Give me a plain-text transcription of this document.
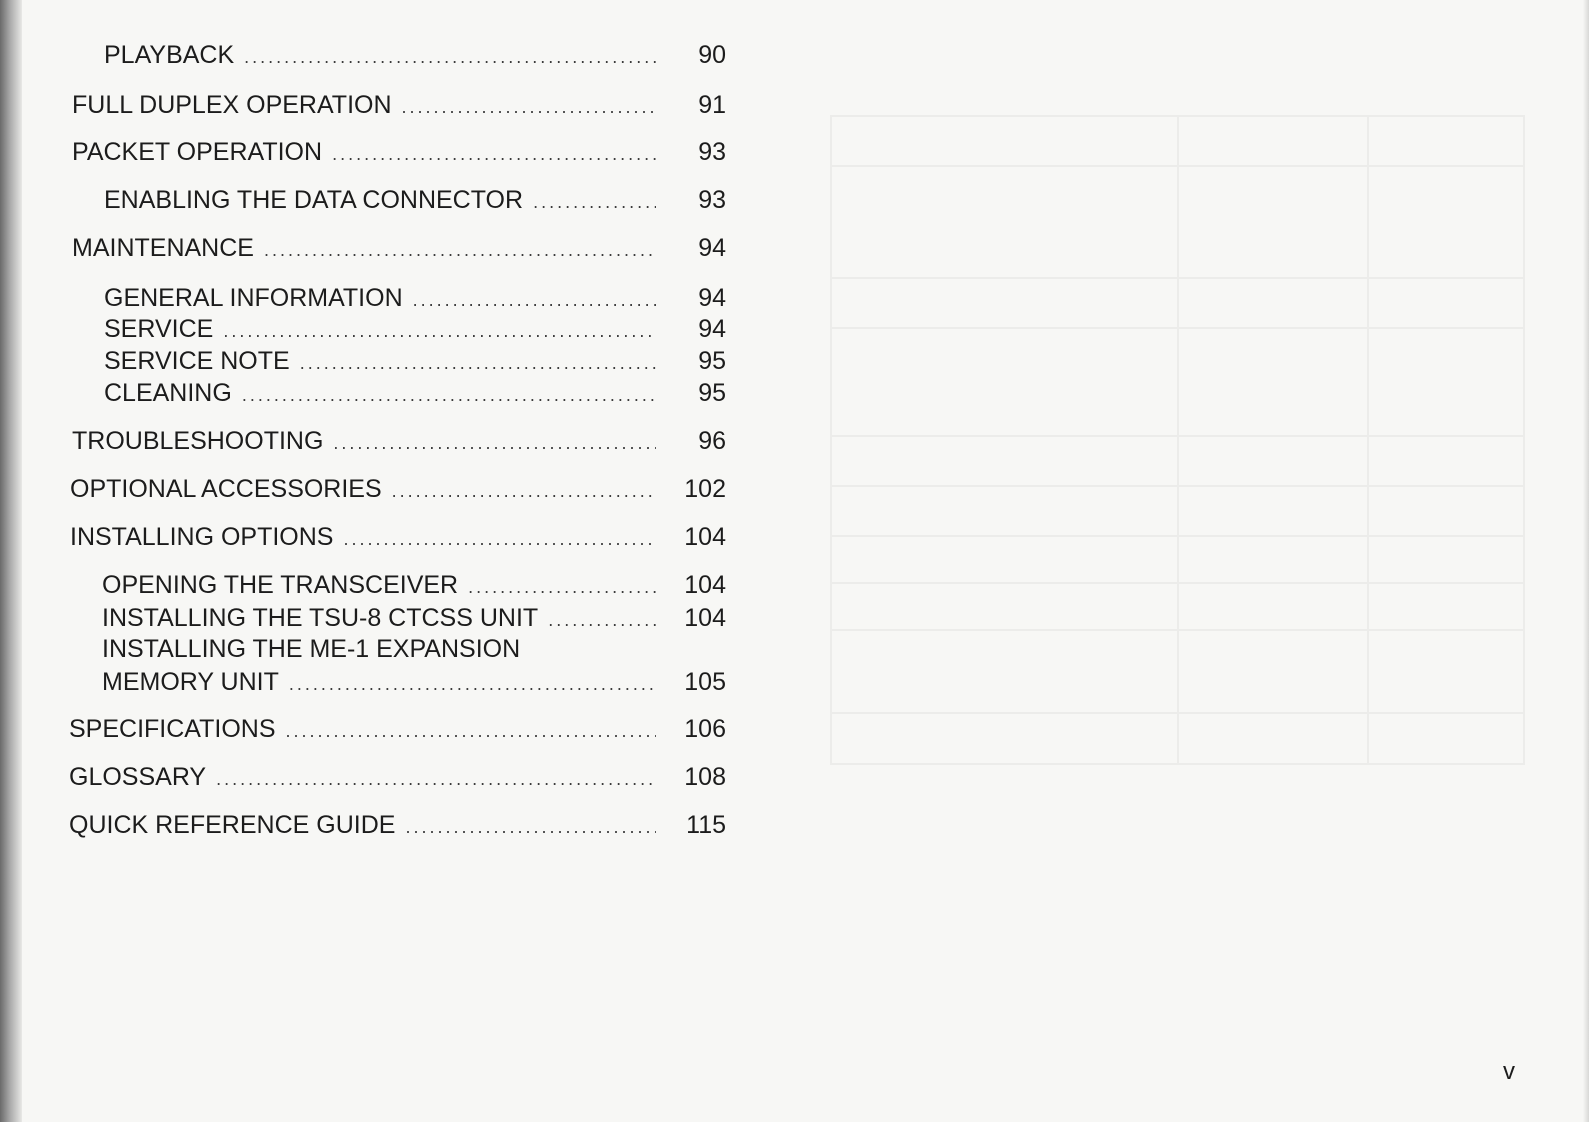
PLAYBACK .....	90
FULL DUPLEX OPERATION .....	91
PACKET OPERATION .....	93
ENABLING THE DATA CONNECTOR .....	93
MAINTENANCE .....	94
GENERAL INFORMATION .....	94
SERVICE .....	94
SERVICE NOTE .....	95
CLEANING .....	95
TROUBLESHOOTING .....	96
OPTIONAL ACCESSORIES .....	102
INSTALLING OPTIONS .....	104
OPENING THE TRANSCEIVER .....	104
INSTALLING THE TSU-8 CTCSS UNIT .....	104
INSTALLING THE ME-1 EXPANSION
MEMORY UNIT .....	105
SPECIFICATIONS .....	106
GLOSSARY .....	108
QUICK REFERENCE GUIDE .....	115
v
